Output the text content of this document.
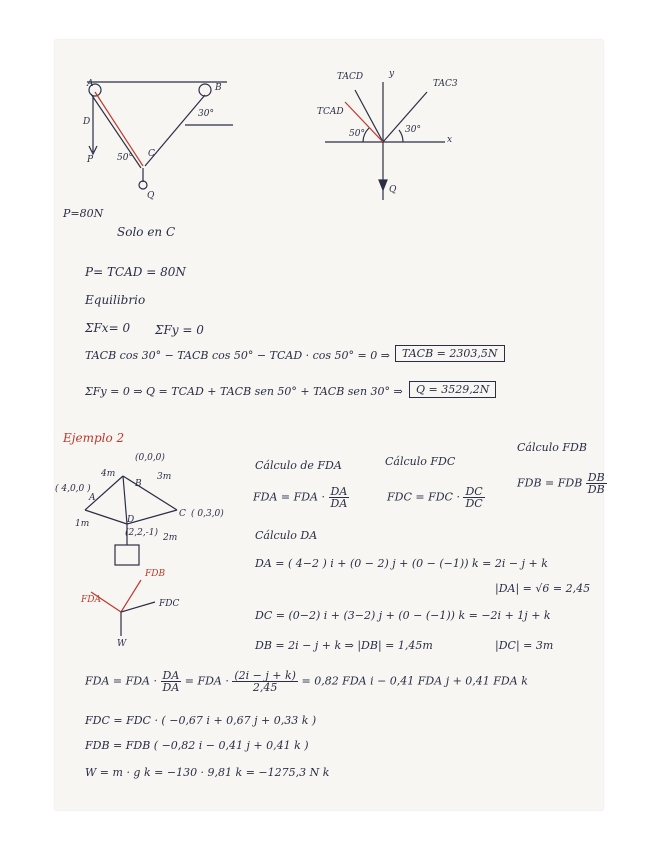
A	B
D
P
C
Q
30°
50°
TACD	y
TAC3
TCAD
50°	30°
x
Q
P=80N
Solo en C
P= TCAD = 80N
Equilibrio
ΣFx= 0 ΣFy = 0
TACB cos 30° − TACB cos 50° − TCAD · cos 50° = 0 ⇒	TACB = 2303,5N
ΣFy = 0 ⇒ Q = TCAD + TACB sen 50° + TACB sen 30° ⇒	Q = 3529,2N
Ejemplo 2
( 4,0,0 )
4m
(0,0,0)
3m
B
A
C ( 0,3,0)
D
(2,2,-1)
1m
2m
FDB
FDA	FDC
W
Cálculo de FDA	Cálculo FDC
Cálculo FDB
FDA = FDA · $\frac{DA}{DA}$	FDC = FDC · $\frac{DC}{DC}$
FDB = FDB $\frac{DB}{DB}$
Cálculo DA
DA = ( 4−2 ) i + (0 − 2) j + (0 − (−1)) k = 2i − j + k
|DA| = √6 = 2,45
DC = (0−2) i + (3−2) j + (0 − (−1)) k = −2i + 1j + k
DB = 2i − j + k ⇒ |DB| = 1,45m	|DC| = 3m
FDA = FDA · $\frac{DA}{DA}$ = FDA · $\frac{(2i - j + k)}{2,45} = 0,82$ FDA i − 0,41 FDA j + 0,41 FDA k
FDC = FDC · ( −0,67 i + 0,67 j + 0,33 k )
FDB = FDB ( −0,82 i − 0,41 j + 0,41 k )
W = m · g k = −130 · 9,81 k = −1275,3 N k
